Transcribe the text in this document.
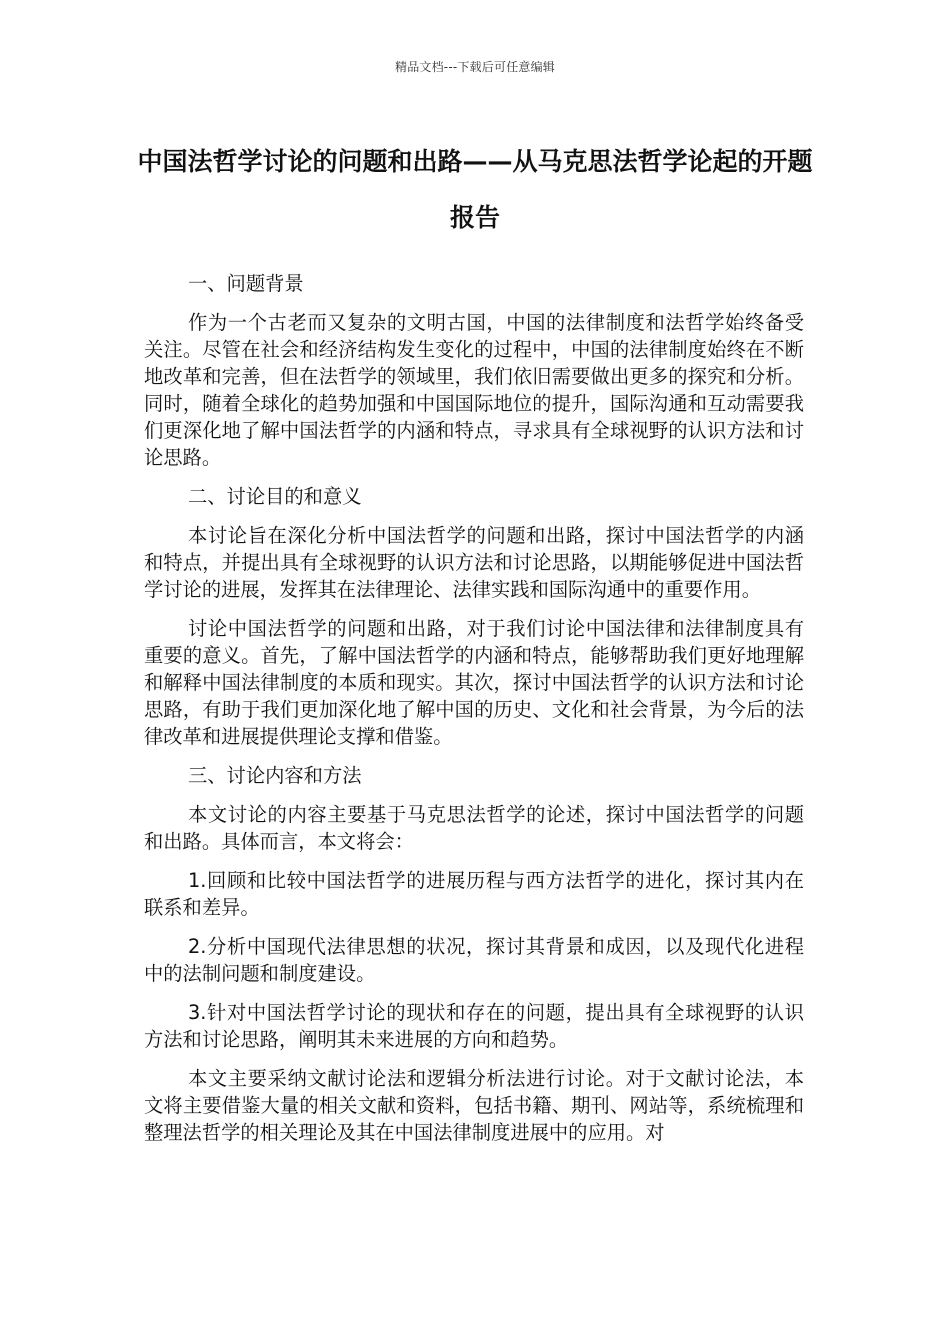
精品文档---下载后可任意编辑
中国法哲学讨论的问题和出路——从马克思法哲学论起的开题报告
一、问题背景

作为一个古老而又复杂的文明古国，中国的法律制度和法哲学始终备受关注。尽管在社会和经济结构发生变化的过程中，中国的法律制度始终在不断地改革和完善，但在法哲学的领域里，我们依旧需要做出更多的探究和分析。同时，随着全球化的趋势加强和中国国际地位的提升，国际沟通和互动需要我们更深化地了解中国法哲学的内涵和特点，寻求具有全球视野的认识方法和讨论思路。

二、讨论目的和意义

本讨论旨在深化分析中国法哲学的问题和出路，探讨中国法哲学的内涵和特点，并提出具有全球视野的认识方法和讨论思路，以期能够促进中国法哲学讨论的进展，发挥其在法律理论、法律实践和国际沟通中的重要作用。

讨论中国法哲学的问题和出路，对于我们讨论中国法律和法律制度具有重要的意义。首先，了解中国法哲学的内涵和特点，能够帮助我们更好地理解和解释中国法律制度的本质和现实。其次，探讨中国法哲学的认识方法和讨论思路，有助于我们更加深化地了解中国的历史、文化和社会背景，为今后的法律改革和进展提供理论支撑和借鉴。

三、讨论内容和方法

本文讨论的内容主要基于马克思法哲学的论述，探讨中国法哲学的问题和出路。具体而言，本文将会：

1.回顾和比较中国法哲学的进展历程与西方法哲学的进化，探讨其内在联系和差异。

2.分析中国现代法律思想的状况，探讨其背景和成因，以及现代化进程中的法制问题和制度建设。

3.针对中国法哲学讨论的现状和存在的问题，提出具有全球视野的认识方法和讨论思路，阐明其未来进展的方向和趋势。

本文主要采纳文献讨论法和逻辑分析法进行讨论。对于文献讨论法，本文将主要借鉴大量的相关文献和资料，包括书籍、期刊、网站等，系统梳理和整理法哲学的相关理论及其在中国法律制度进展中的应用。对
